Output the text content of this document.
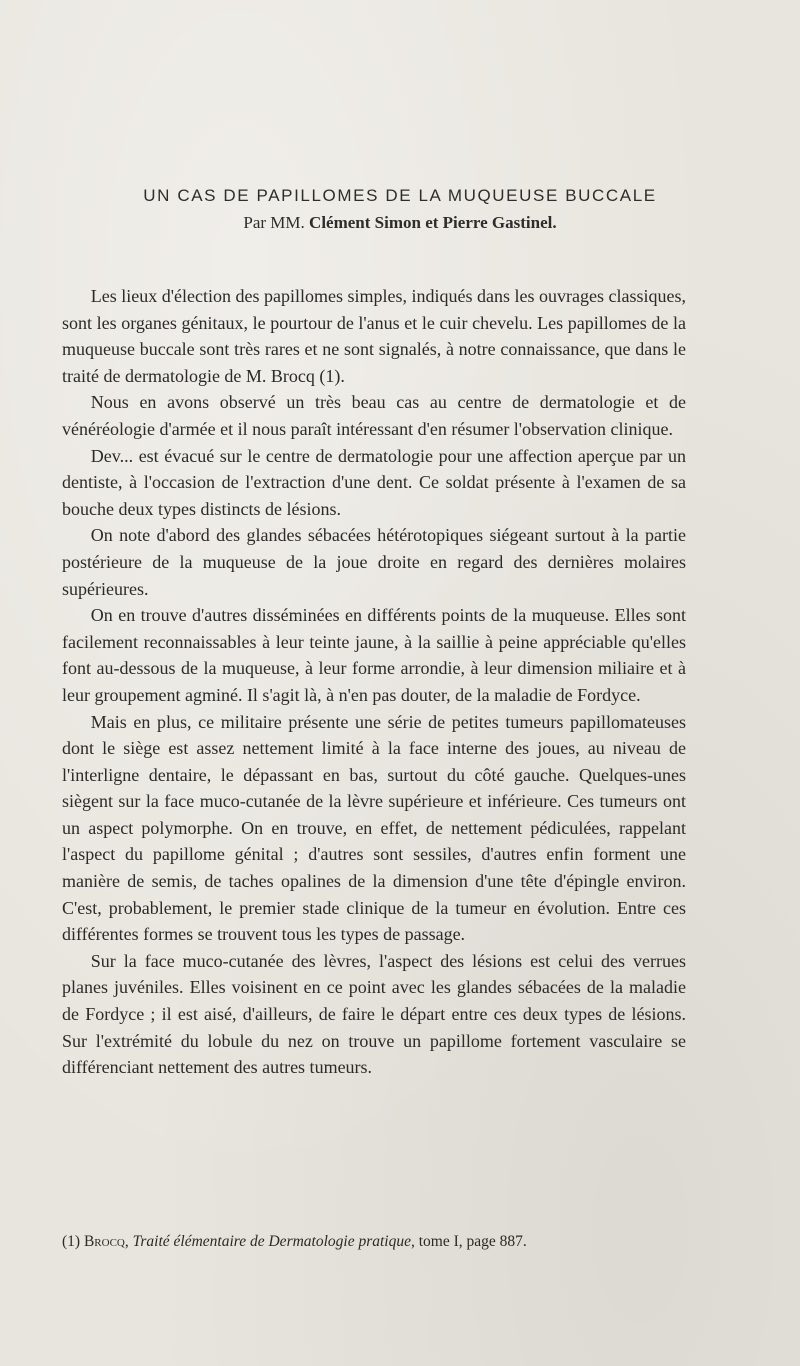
UN CAS DE PAPILLOMES DE LA MUQUEUSE BUCCALE
Par MM. Clément Simon et Pierre Gastinel.

Les lieux d'élection des papillomes simples, indiqués dans les ouvrages classiques, sont les organes génitaux, le pourtour de l'anus et le cuir chevelu. Les papillomes de la muqueuse buccale sont très rares et ne sont signalés, à notre connaissance, que dans le traité de dermatologie de M. Brocq (1).

Nous en avons observé un très beau cas au centre de dermatologie et de vénéréologie d'armée et il nous paraît intéressant d'en résumer l'observation clinique.

Dev... est évacué sur le centre de dermatologie pour une affection aperçue par un dentiste, à l'occasion de l'extraction d'une dent. Ce soldat présente à l'examen de sa bouche deux types distincts de lésions.

On note d'abord des glandes sébacées hétérotopiques siégeant surtout à la partie postérieure de la muqueuse de la joue droite en regard des dernières molaires supérieures.

On en trouve d'autres disséminées en différents points de la muqueuse. Elles sont facilement reconnaissables à leur teinte jaune, à la saillie à peine appréciable qu'elles font au-dessous de la muqueuse, à leur forme arrondie, à leur dimension miliaire et à leur groupement agminé. Il s'agit là, à n'en pas douter, de la maladie de Fordyce.

Mais en plus, ce militaire présente une série de petites tumeurs papillomateuses dont le siège est assez nettement limité à la face interne des joues, au niveau de l'interligne dentaire, le dépassant en bas, surtout du côté gauche. Quelques-unes siègent sur la face muco-cutanée de la lèvre supérieure et inférieure. Ces tumeurs ont un aspect polymorphe. On en trouve, en effet, de nettement pédiculées, rappelant l'aspect du papillome génital ; d'autres sont sessiles, d'autres enfin forment une manière de semis, de taches opalines de la dimension d'une tête d'épingle environ. C'est, probablement, le premier stade clinique de la tumeur en évolution. Entre ces différentes formes se trouvent tous les types de passage.

Sur la face muco-cutanée des lèvres, l'aspect des lésions est celui des verrues planes juvéniles. Elles voisinent en ce point avec les glandes sébacées de la maladie de Fordyce ; il est aisé, d'ailleurs, de faire le départ entre ces deux types de lésions. Sur l'extrémité du lobule du nez on trouve un papillome fortement vasculaire se différenciant nettement des autres tumeurs.

(1) Brocq, Traité élémentaire de Dermatologie pratique, tome I, page 887.
